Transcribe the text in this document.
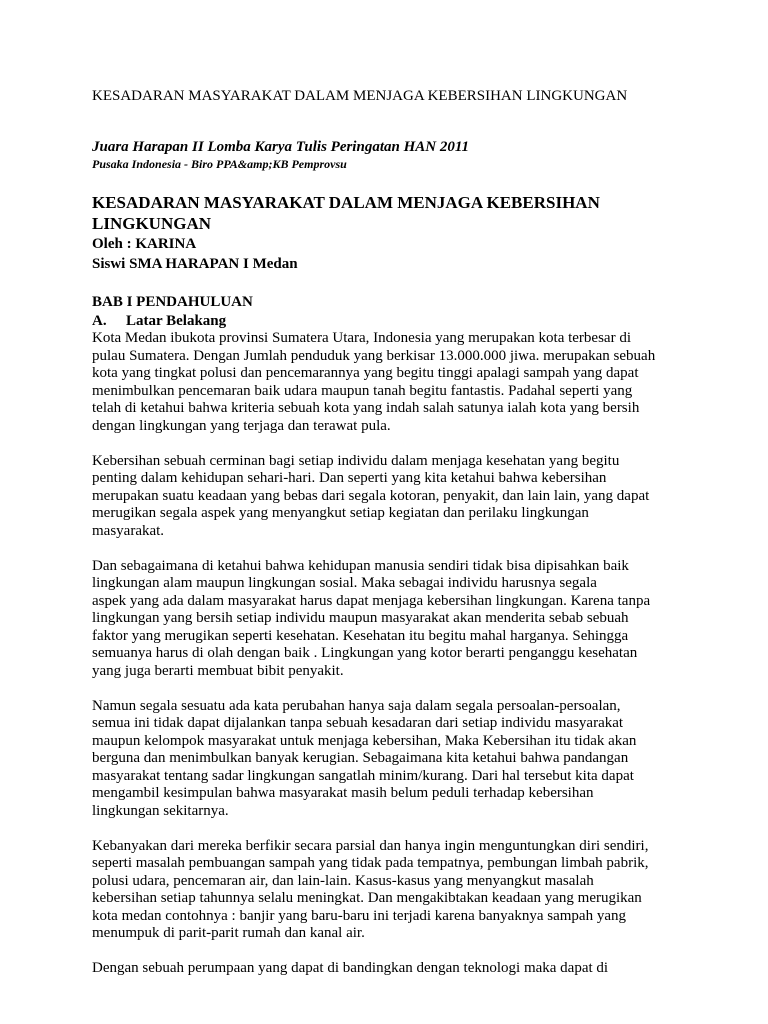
KESADARAN MASYARAKAT DALAM MENJAGA KEBERSIHAN LINGKUNGAN
Juara Harapan II Lomba Karya Tulis Peringatan HAN 2011
Pusaka Indonesia - Biro PPA&amp;KB Pemprovsu
KESADARAN MASYARAKAT DALAM MENJAGA KEBERSIHAN
LINGKUNGAN
Oleh : KARINA
Siswi SMA HARAPAN I Medan
BAB I PENDAHULUAN
A. Latar Belakang

Kota Medan ibukota provinsi Sumatera Utara, Indonesia yang merupakan kota terbesar di
pulau Sumatera. Dengan Jumlah penduduk yang berkisar 13.000.000 jiwa. merupakan sebuah
kota yang tingkat polusi dan pencemarannya yang begitu tinggi apalagi sampah yang dapat
menimbulkan pencemaran baik udara maupun tanah begitu fantastis. Padahal seperti yang
telah di ketahui bahwa kriteria sebuah kota yang indah salah satunya ialah kota yang bersih
dengan lingkungan yang terjaga dan terawat pula.

Kebersihan sebuah cerminan bagi setiap individu dalam menjaga kesehatan yang begitu
penting dalam kehidupan sehari-hari. Dan seperti yang kita ketahui bahwa kebersihan
merupakan suatu keadaan yang bebas dari segala kotoran, penyakit, dan lain lain, yang dapat
merugikan segala aspek yang menyangkut setiap kegiatan dan perilaku lingkungan
masyarakat.

Dan sebagaimana di ketahui bahwa kehidupan manusia sendiri tidak bisa dipisahkan baik
lingkungan alam maupun lingkungan sosial. Maka sebagai individu harusnya segala
aspek yang ada dalam masyarakat harus dapat menjaga kebersihan lingkungan. Karena tanpa
lingkungan yang bersih setiap individu maupun masyarakat akan menderita sebab sebuah
faktor yang merugikan seperti kesehatan. Kesehatan itu begitu mahal harganya. Sehingga
semuanya harus di olah dengan baik . Lingkungan yang kotor berarti penganggu kesehatan
yang juga berarti membuat bibit penyakit.

Namun segala sesuatu ada kata perubahan hanya saja dalam segala persoalan-persoalan,
semua ini tidak dapat dijalankan tanpa sebuah kesadaran dari setiap individu masyarakat
maupun kelompok masyarakat untuk menjaga kebersihan, Maka Kebersihan itu tidak akan
berguna dan menimbulkan banyak kerugian. Sebagaimana kita ketahui bahwa pandangan
masyarakat tentang sadar lingkungan sangatlah minim/kurang. Dari hal tersebut kita dapat
mengambil kesimpulan bahwa masyarakat masih belum peduli terhadap kebersihan
lingkungan sekitarnya.

Kebanyakan dari mereka berfikir secara parsial dan hanya ingin menguntungkan diri sendiri,
seperti masalah pembuangan sampah yang tidak pada tempatnya, pembungan limbah pabrik,
polusi udara, pencemaran air, dan lain-lain. Kasus-kasus yang menyangkut masalah
kebersihan setiap tahunnya selalu meningkat. Dan mengakibtakan keadaan yang merugikan
kota medan contohnya : banjir yang baru-baru ini terjadi karena banyaknya sampah yang
menumpuk di parit-parit rumah dan kanal air.

Dengan sebuah perumpaan yang dapat di bandingkan dengan teknologi maka dapat di
